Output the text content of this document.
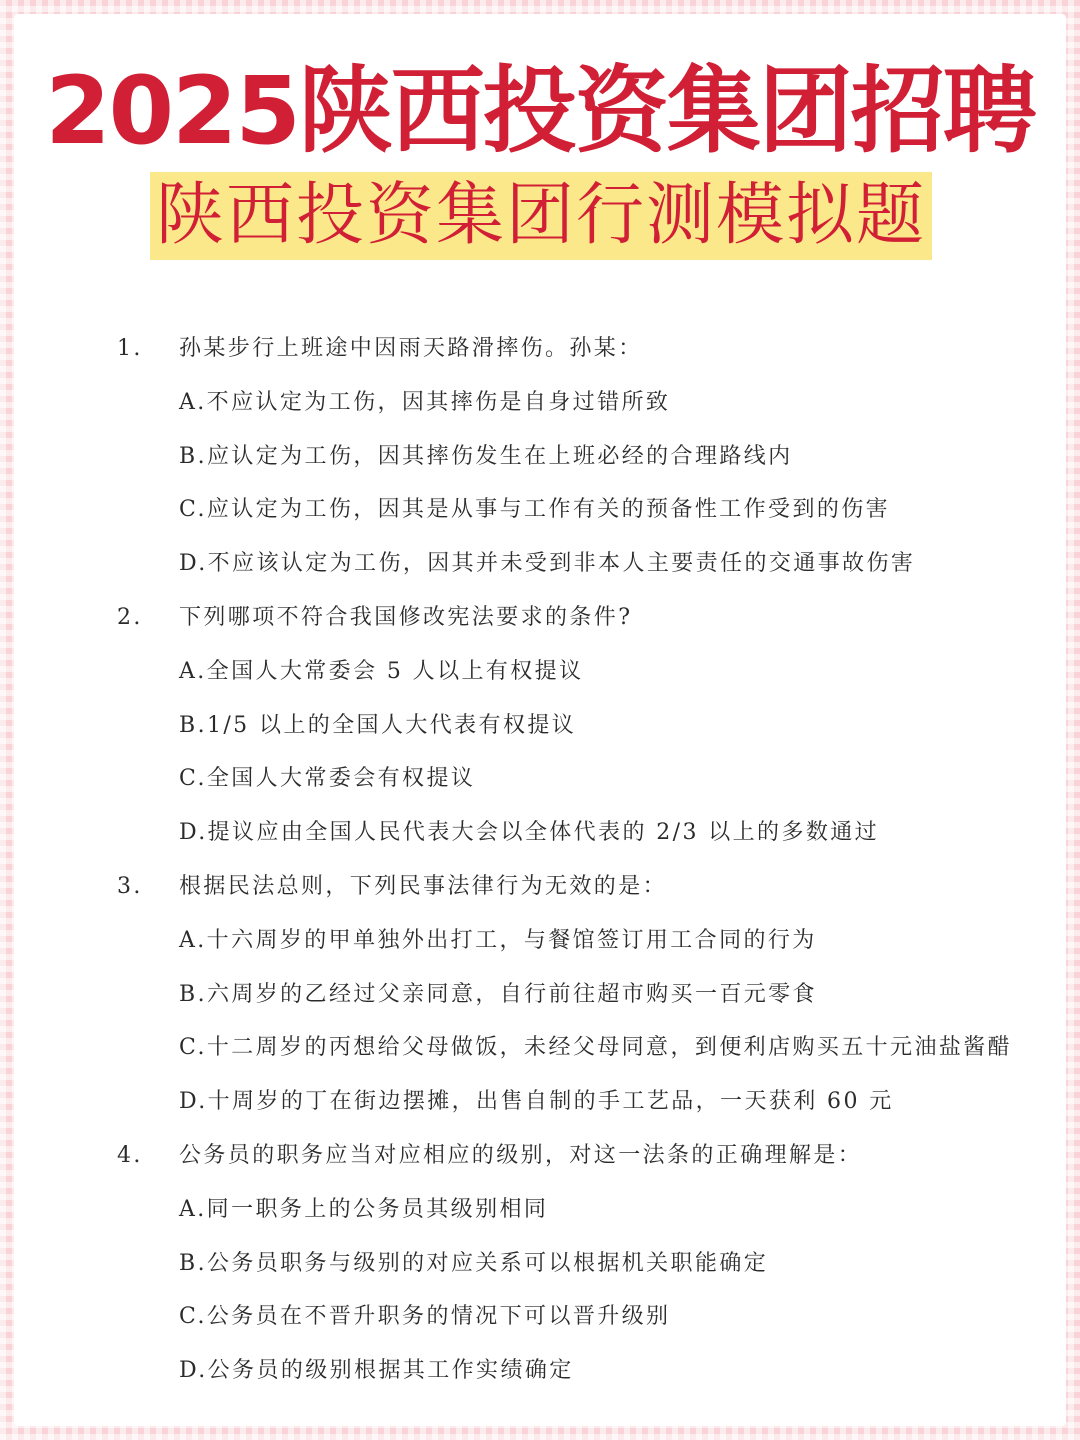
2025陕西投资集团招聘
陕西投资集团行测模拟题
1. 孙某步行上班途中因雨天路滑摔伤。孙某：
A.不应认定为工伤，因其摔伤是自身过错所致
B.应认定为工伤，因其摔伤发生在上班必经的合理路线内
C.应认定为工伤，因其是从事与工作有关的预备性工作受到的伤害
D.不应该认定为工伤，因其并未受到非本人主要责任的交通事故伤害
2. 下列哪项不符合我国修改宪法要求的条件?
A.全国人大常委会 5 人以上有权提议
B.1/5 以上的全国人大代表有权提议
C.全国人大常委会有权提议
D.提议应由全国人民代表大会以全体代表的 2/3 以上的多数通过
3. 根据民法总则，下列民事法律行为无效的是：
A.十六周岁的甲单独外出打工，与餐馆签订用工合同的行为
B.六周岁的乙经过父亲同意，自行前往超市购买一百元零食
C.十二周岁的丙想给父母做饭，未经父母同意，到便利店购买五十元油盐酱醋
D.十周岁的丁在街边摆摊，出售自制的手工艺品，一天获利 60 元
4. 公务员的职务应当对应相应的级别，对这一法条的正确理解是：
A.同一职务上的公务员其级别相同
B.公务员职务与级别的对应关系可以根据机关职能确定
C.公务员在不晋升职务的情况下可以晋升级别
D.公务员的级别根据其工作实绩确定
